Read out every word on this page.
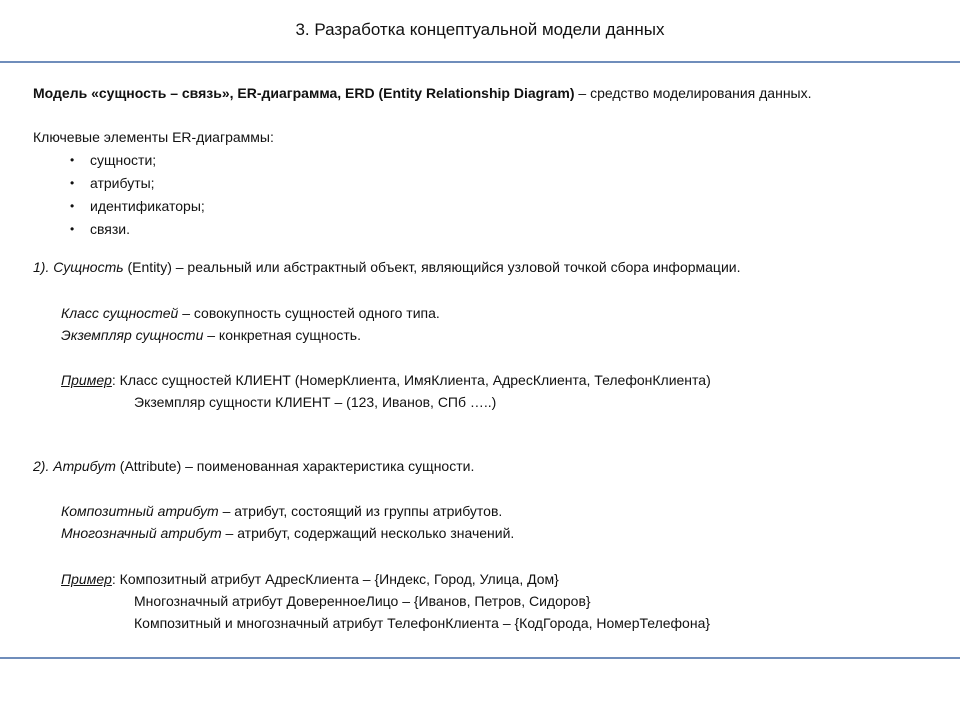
3. Разработка концептуальной модели данных
Модель «сущность – связь», ER-диаграмма, ERD (Entity Relationship Diagram) – средство моделирования данных.
Ключевые элементы ER-диаграммы:
• сущности;
• атрибуты;
• идентификаторы;
• связи.
1). Сущность (Entity) – реальный или абстрактный объект, являющийся узловой точкой сбора информации.
Класс сущностей – совокупность сущностей одного типа.
Экземпляр сущности – конкретная сущность.
Пример: Класс сущностей КЛИЕНТ (НомерКлиента, ИмяКлиента, АдресКлиента, ТелефонКлиента)
Экземпляр сущности КЛИЕНТ – (123, Иванов, СПб …..)
2). Атрибут (Attribute) – поименованная характеристика сущности.
Композитный атрибут – атрибут, состоящий из группы атрибутов.
Многозначный атрибут – атрибут, содержащий несколько значений.
Пример: Композитный атрибут АдресКлиента – {Индекс, Город, Улица, Дом}
Многозначный атрибут ДоверенноеЛицо – {Иванов, Петров, Сидоров}
Композитный и многозначный атрибут ТелефонКлиента – {КодГорода, НомерТелефона}
